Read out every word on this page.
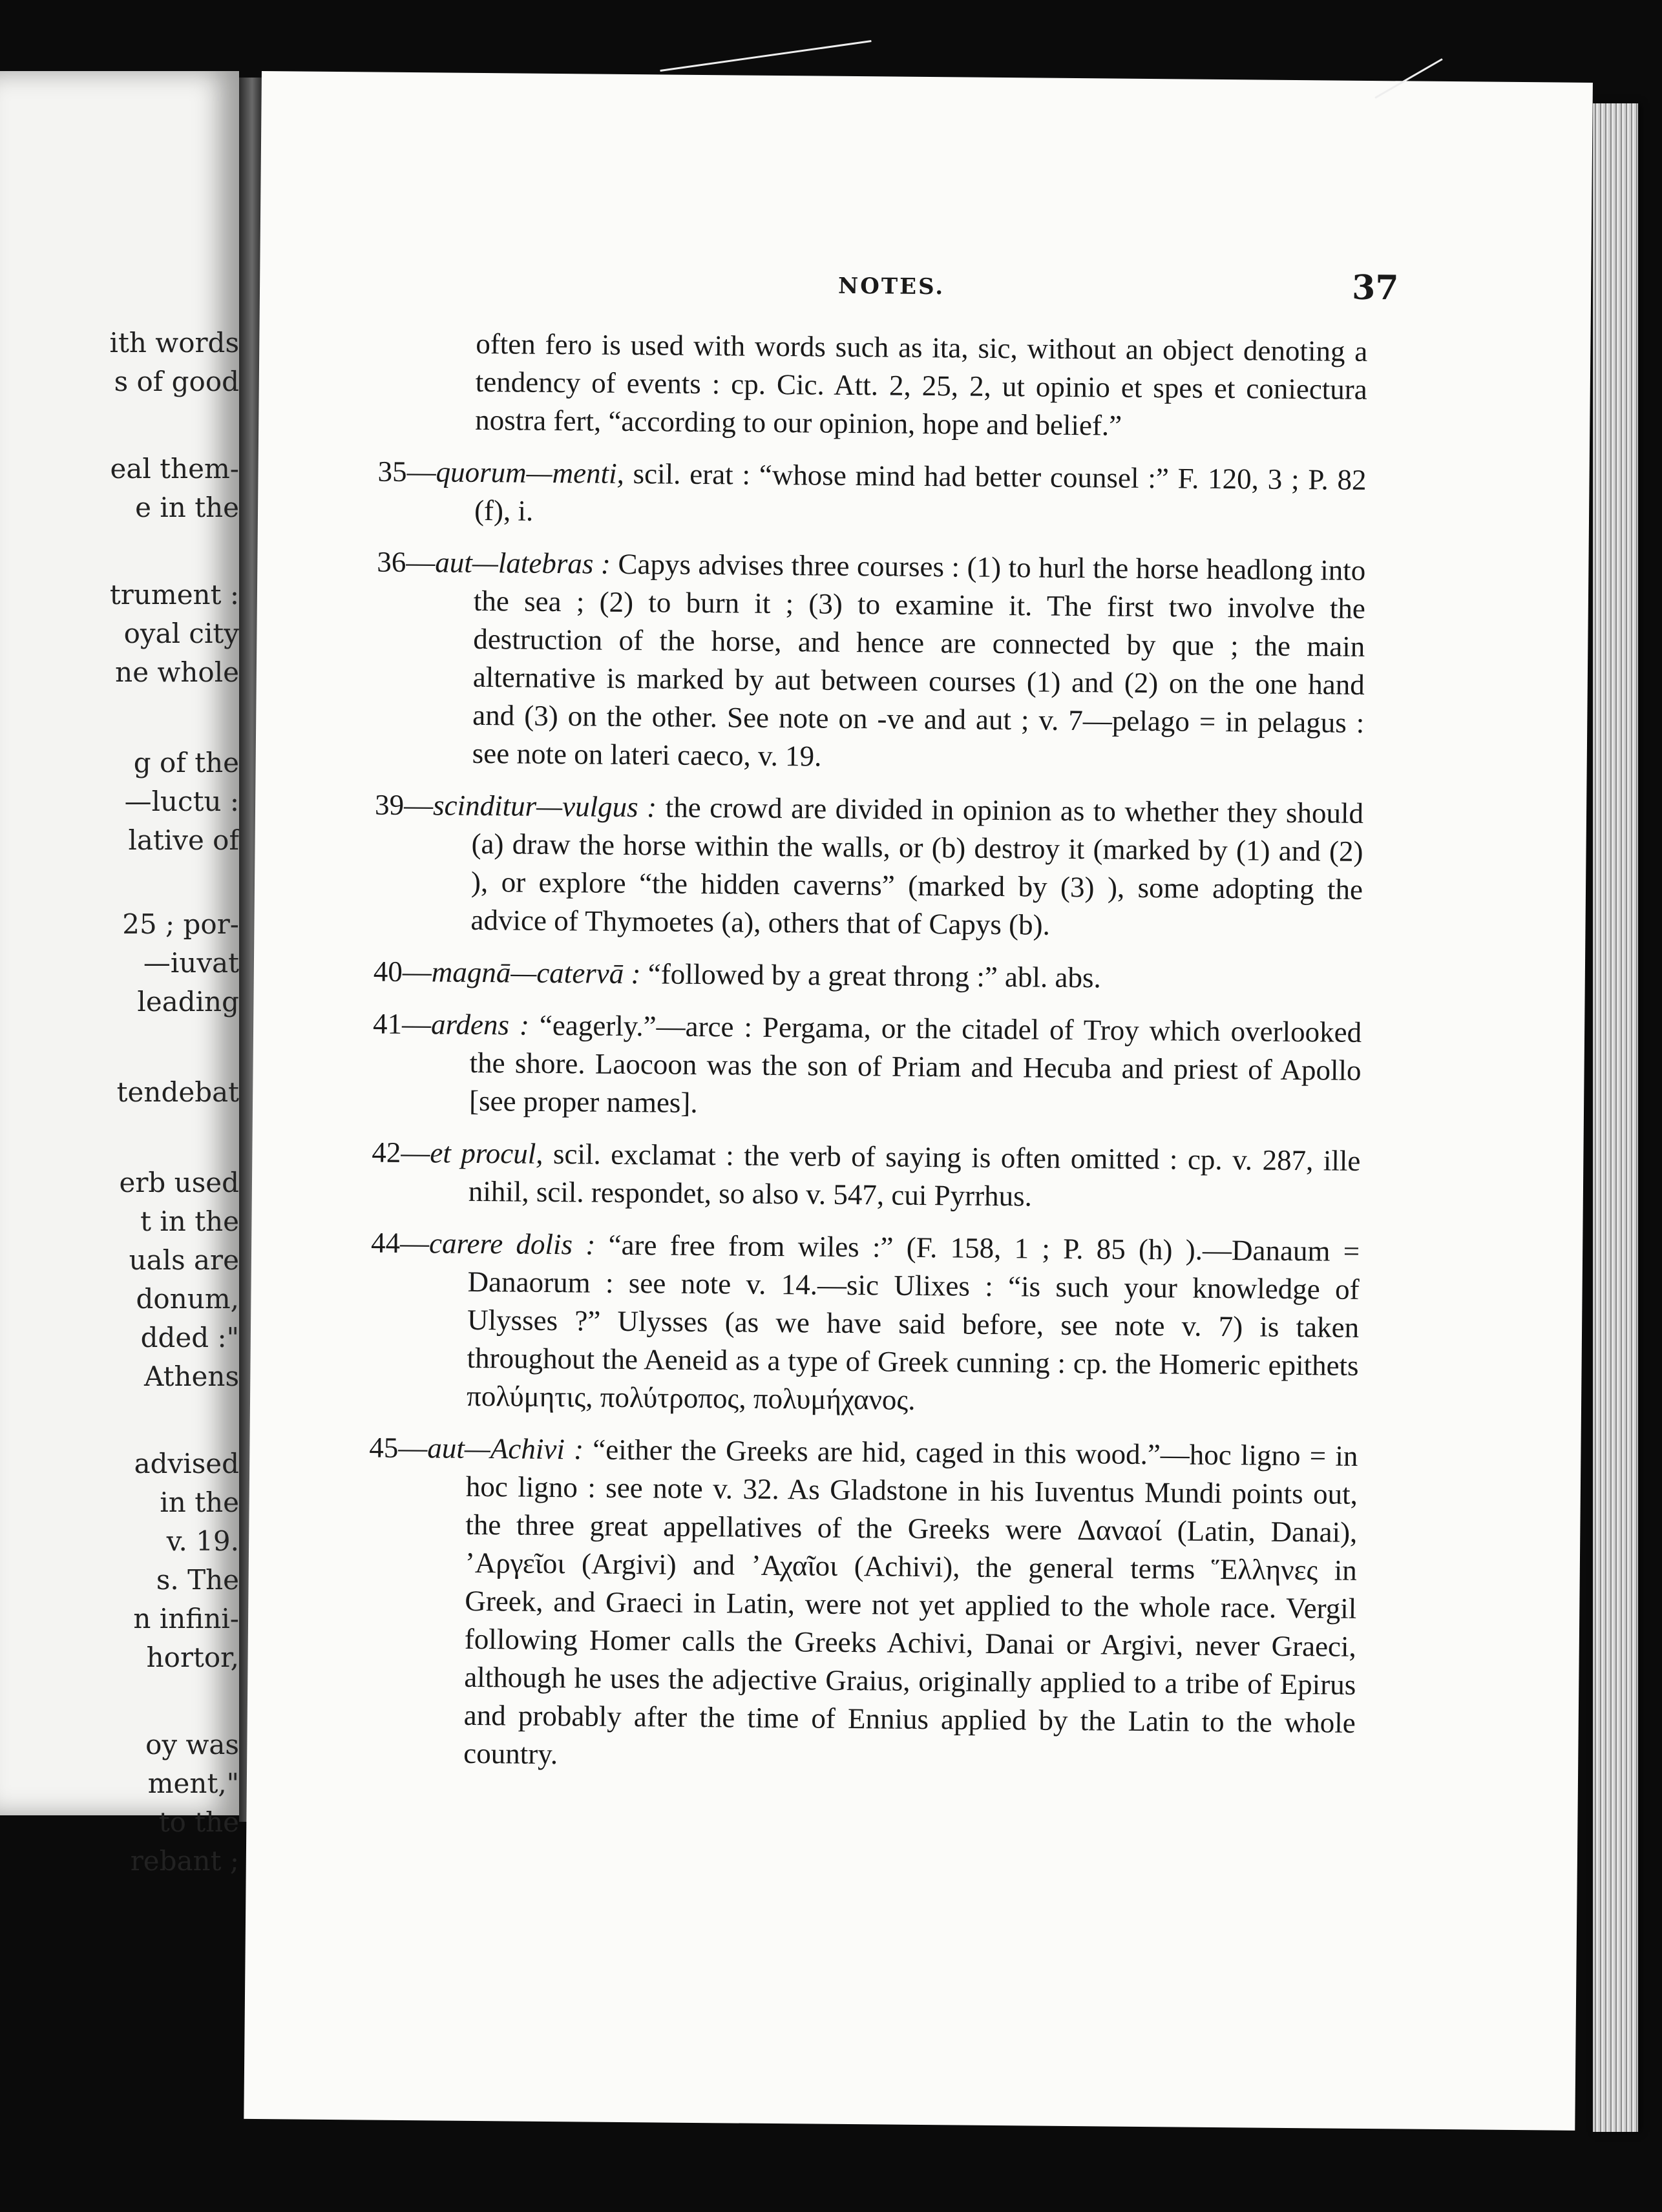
ith words
s of good
eal them-
e in the
trument :
oyal city
ne whole
g of the
—luctu :
lative of
25 ; por-
—iuvat
leading
tendebat
erb used
t in the
uals are
donum,
dded :"
Athens
advised
in the
v. 19.
s. The
n infini-
hortor,
oy was
ment,"
to the
rebant ;
NOTES.	37

often fero is used with words such as ita, sic, without an object denoting a tendency of events : cp. Cic. Att. 2, 25, 2, ut opinio et spes et coniectura nostra fert, “according to our opinion, hope and belief.”

35—quorum—menti, scil. erat : “whose mind had better counsel :” F. 120, 3 ; P. 82 (f), i.

36—aut—latebras : Capys advises three courses : (1) to hurl the horse headlong into the sea ; (2) to burn it ; (3) to examine it. The first two involve the destruction of the horse, and hence are connected by que ; the main alternative is marked by aut between courses (1) and (2) on the one hand and (3) on the other. See note on -ve and aut ; v. 7—pelago = in pelagus : see note on lateri caeco, v. 19.

39—scinditur—vulgus : the crowd are divided in opinion as to whether they should (a) draw the horse within the walls, or (b) destroy it (marked by (1) and (2) ), or explore “the hidden caverns” (marked by (3) ), some adopting the advice of Thymoetes (a), others that of Capys (b).

40—magnā—catervā : “followed by a great throng :” abl. abs.

41—ardens : “eagerly.”—arce : Pergama, or the citadel of Troy which overlooked the shore. Laocoon was the son of Priam and Hecuba and priest of Apollo [see proper names].

42—et procul, scil. exclamat : the verb of saying is often omitted : cp. v. 287, ille nihil, scil. respondet, so also v. 547, cui Pyrrhus.

44—carere dolis : “are free from wiles :” (F. 158, 1 ; P. 85 (h) ).—Danaum = Danaorum : see note v. 14.—sic Ulixes : “is such your knowledge of Ulysses ?” Ulysses (as we have said before, see note v. 7) is taken throughout the Aeneid as a type of Greek cunning : cp. the Homeric epithets πολύμητις, πολύτροπος, πολυμήχανος.

45—aut—Achivi : “either the Greeks are hid, caged in this wood.”—hoc ligno = in hoc ligno : see note v. 32. As Gladstone in his Iuventus Mundi points out, the three great appellatives of the Greeks were Δαναοί (Latin, Danai), ’Αργεῖοι (Argivi) and ’Αχαῖοι (Achivi), the general terms Ἕλληνες in Greek, and Graeci in Latin, were not yet applied to the whole race. Vergil following Homer calls the Greeks Achivi, Danai or Argivi, never Graeci, although he uses the adjective Graius, originally applied to a tribe of Epirus and probably after the time of Ennius applied by the Latin to the whole country.
